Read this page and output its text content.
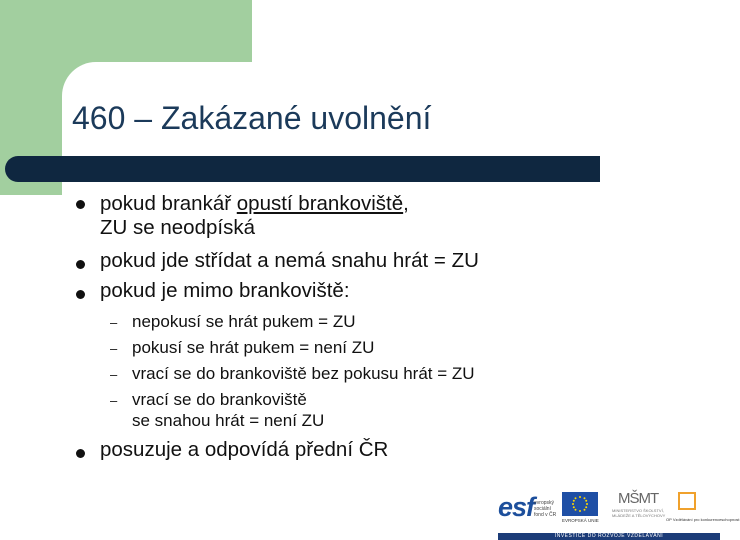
460 – Zakázané uvolnění
pokud brankář opustí brankoviště,
ZU se neodpíská
pokud jde střídat a nemá snahu hrát = ZU
pokud je mimo brankoviště:
– nepokusí se hrát pukem = ZU
– pokusí se hrát pukem = není ZU
– vrací se do brankoviště bez pokusu hrát = ZU
– vrací se do brankoviště
se snahou hrát = není ZU
posuzuje a odpovídá přední ČR
esf evropský
sociální
fond v ČR
EVROPSKÁ UNIE
MŠMT
MINISTERSTVO ŠKOLSTVÍ,
MLÁDEŽE A TĚLOVÝCHOVY
OP Vzdělávání pro konkurenceschopnost
INVESTICE DO ROZVOJE VZDĚLÁVÁNÍ
